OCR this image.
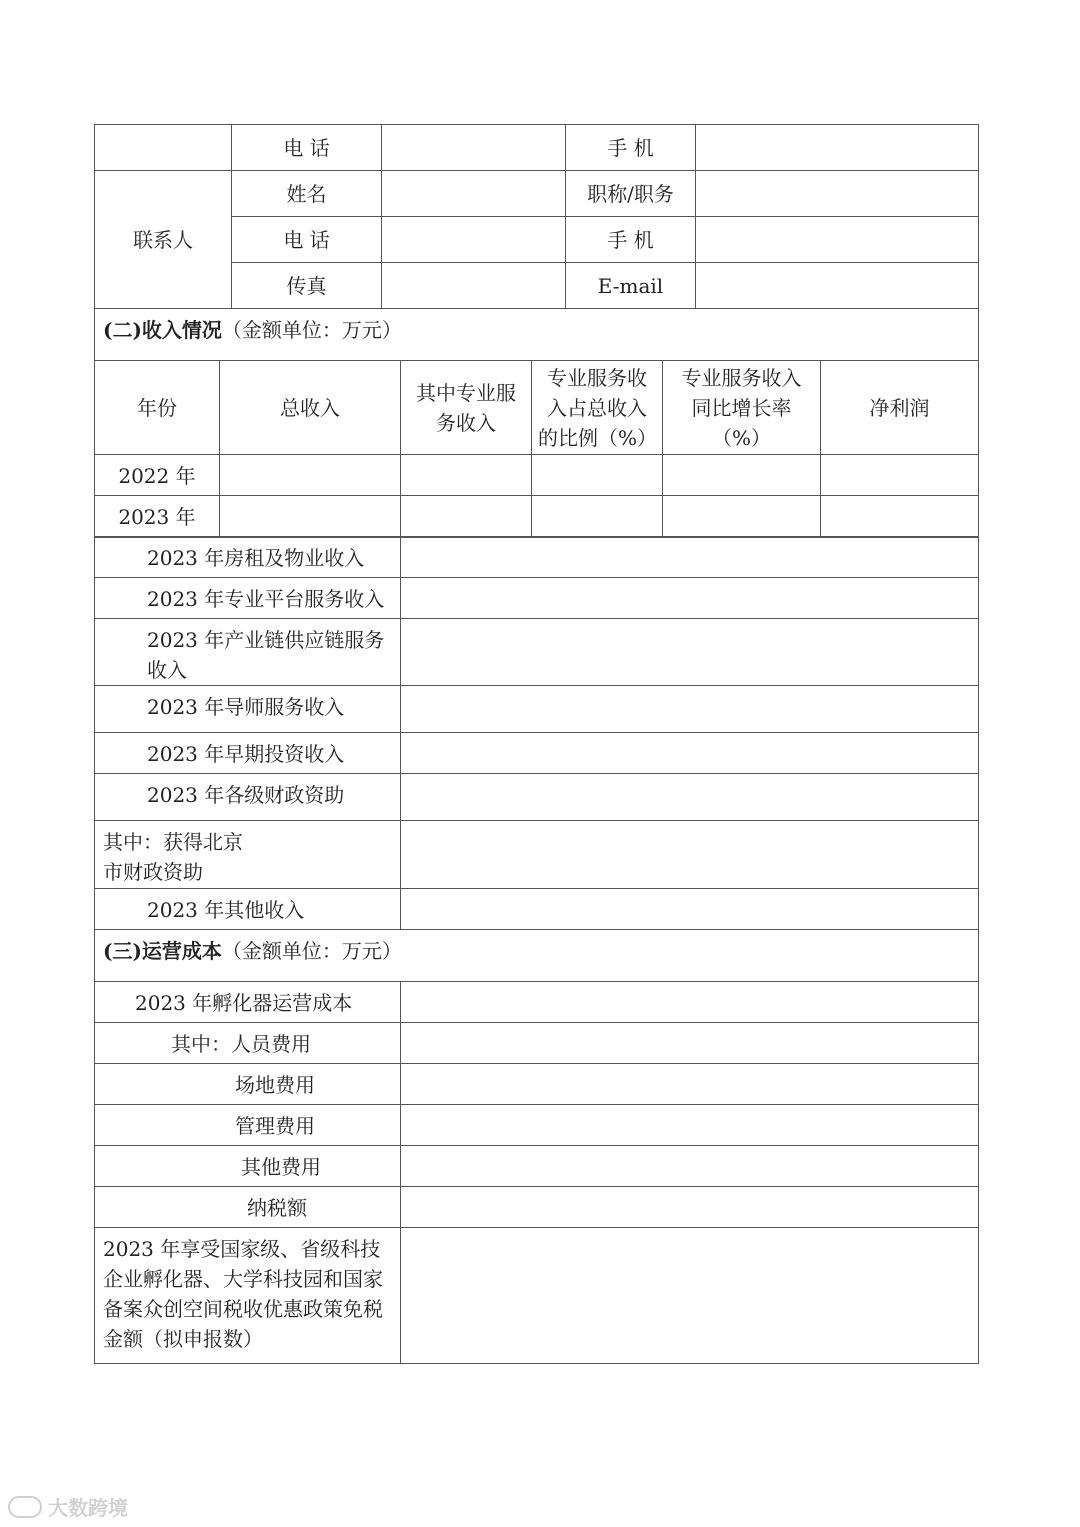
	电 话		手 机	
联系人	姓名		职称/职务	
	电 话		手 机	
	传真		E-mail	
(二)收入情况（金额单位：万元）				
年份	总收入	其中专业服务收入	专业服务收入占总收入的比例（%）	专业服务收入同比增长率（%）	净利润
2022 年					
2023 年					
2023 年房租及物业收入	
2023 年专业平台服务收入	
2023 年产业链供应链服务收入	
2023 年导师服务收入	
2023 年早期投资收入	
2023 年各级财政资助	
其中：获得北京市财政资助	
2023 年其他收入	
(三)运营成本（金额单位：万元）	
2023 年孵化器运营成本	
其中：人员费用	
场地费用	
管理费用	
其他费用	
纳税额	
2023 年享受国家级、省级科技企业孵化器、大学科技园和国家备案众创空间税收优惠政策免税金额（拟申报数）	
大数跨境
